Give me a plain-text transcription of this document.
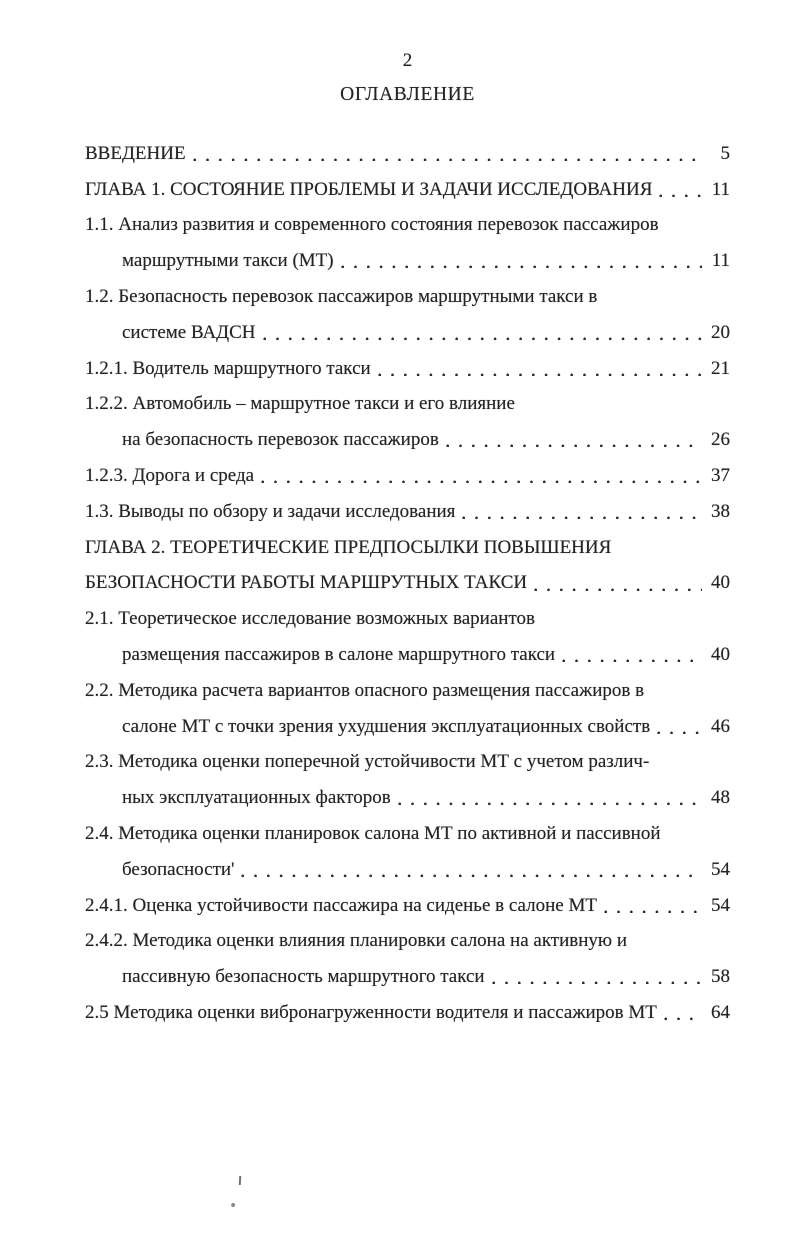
2
ОГЛАВЛЕНИЕ
ВВЕДЕНИЕ	5
ГЛАВА 1. СОСТОЯНИЕ ПРОБЛЕМЫ И ЗАДАЧИ ИССЛЕДОВАНИЯ	11
1.1. Анализ развития и современного состояния перевозок пассажиров
маршрутными такси (МТ)	11
1.2. Безопасность перевозок пассажиров маршрутными такси в
системе ВАДСН	20
1.2.1. Водитель маршрутного такси	21
1.2.2. Автомобиль – маршрутное такси и его влияние
на безопасность перевозок пассажиров	26
1.2.3. Дорога и среда	37
1.3. Выводы по обзору и задачи исследования	38
ГЛАВА 2. ТЕОРЕТИЧЕСКИЕ ПРЕДПОСЫЛКИ ПОВЫШЕНИЯ
БЕЗОПАСНОСТИ РАБОТЫ МАРШРУТНЫХ ТАКСИ	40
2.1. Теоретическое исследование возможных вариантов
размещения пассажиров в салоне маршрутного такси	40
2.2. Методика расчета вариантов опасного размещения пассажиров в
салоне МТ с точки зрения ухудшения эксплуатационных свойств	46
2.3. Методика оценки поперечной устойчивости МТ с учетом различ-
ных эксплуатационных факторов	48
2.4. Методика оценки планировок салона МТ по активной и пассивной
безопасности'	54
2.4.1. Оценка устойчивости пассажира на сиденье в салоне МТ	54
2.4.2. Методика оценки влияния планировки салона на активную и
пассивную безопасность маршрутного такси	58
2.5 Методика оценки вибронагруженности водителя и пассажиров МТ	64
